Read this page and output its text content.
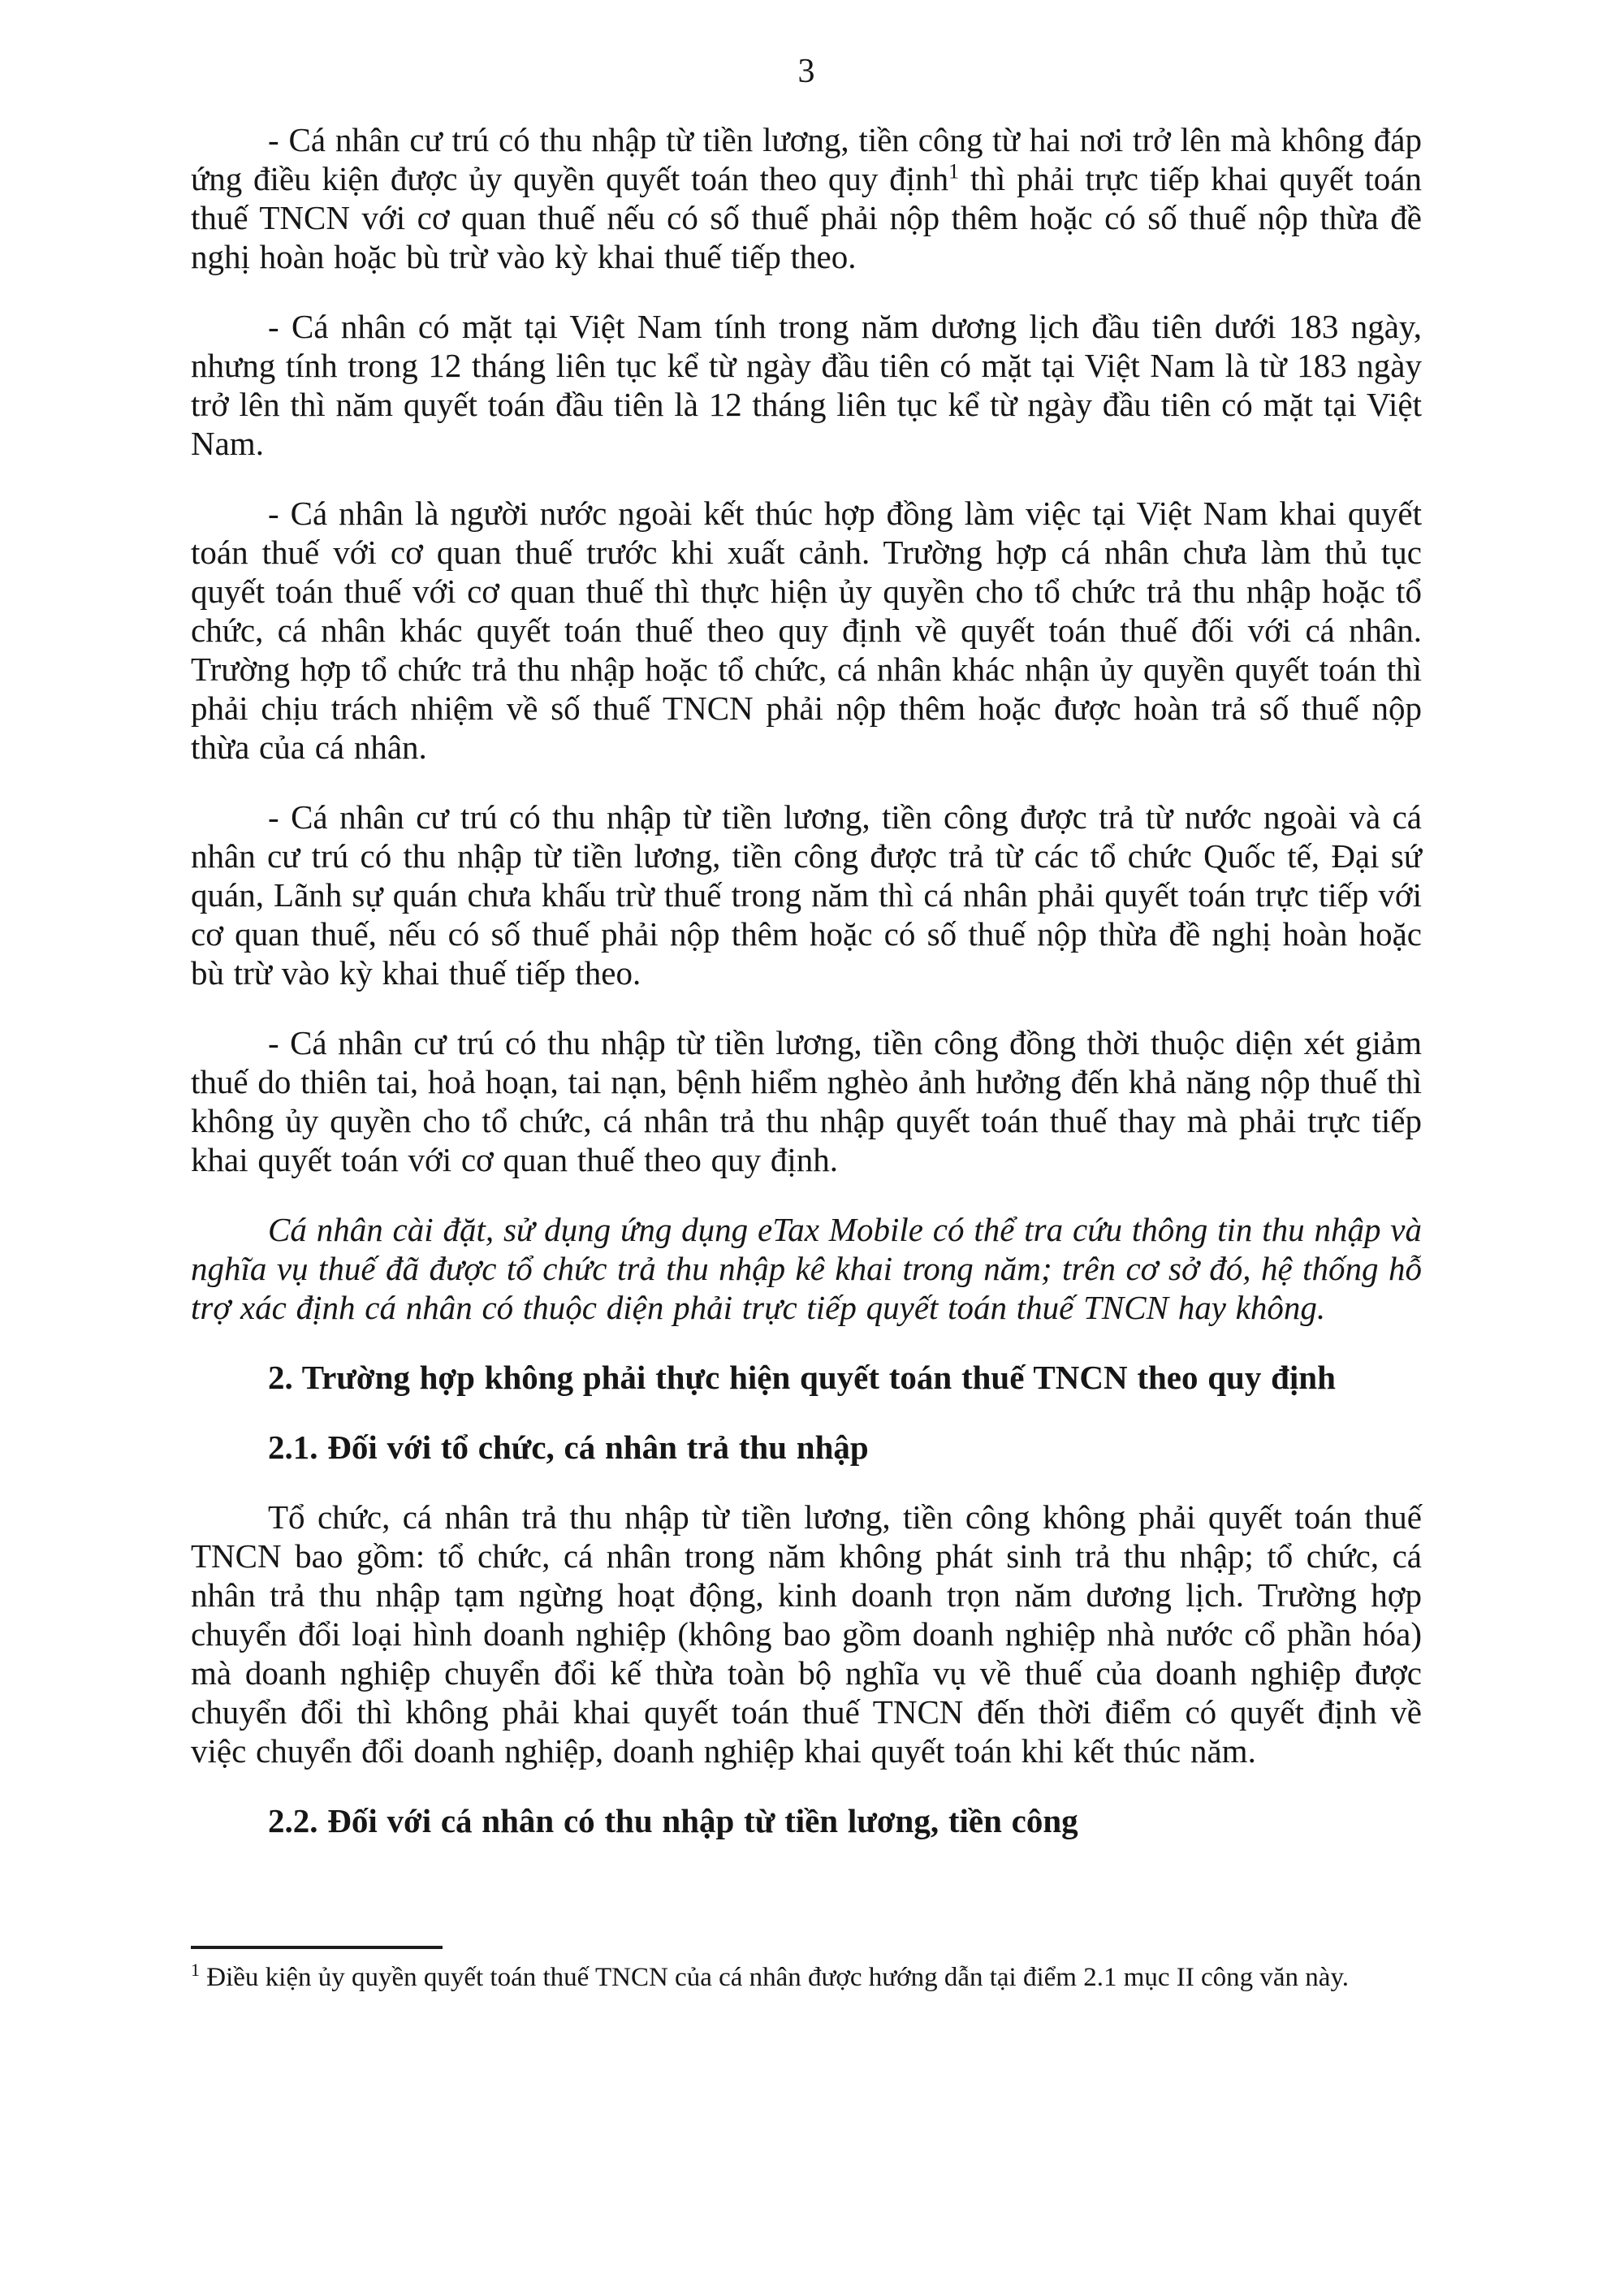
3

- Cá nhân cư trú có thu nhập từ tiền lương, tiền công từ hai nơi trở lên mà không đáp ứng điều kiện được ủy quyền quyết toán theo quy định$^1$ thì phải trực tiếp khai quyết toán thuế TNCN với cơ quan thuế nếu có số thuế phải nộp thêm hoặc có số thuế nộp thừa đề nghị hoàn hoặc bù trừ vào kỳ khai thuế tiếp theo.

- Cá nhân có mặt tại Việt Nam tính trong năm dương lịch đầu tiên dưới 183 ngày, nhưng tính trong 12 tháng liên tục kể từ ngày đầu tiên có mặt tại Việt Nam là từ 183 ngày trở lên thì năm quyết toán đầu tiên là 12 tháng liên tục kể từ ngày đầu tiên có mặt tại Việt Nam.

- Cá nhân là người nước ngoài kết thúc hợp đồng làm việc tại Việt Nam khai quyết toán thuế với cơ quan thuế trước khi xuất cảnh. Trường hợp cá nhân chưa làm thủ tục quyết toán thuế với cơ quan thuế thì thực hiện ủy quyền cho tổ chức trả thu nhập hoặc tổ chức, cá nhân khác quyết toán thuế theo quy định về quyết toán thuế đối với cá nhân. Trường hợp tổ chức trả thu nhập hoặc tổ chức, cá nhân khác nhận ủy quyền quyết toán thì phải chịu trách nhiệm về số thuế TNCN phải nộp thêm hoặc được hoàn trả số thuế nộp thừa của cá nhân.

- Cá nhân cư trú có thu nhập từ tiền lương, tiền công được trả từ nước ngoài và cá nhân cư trú có thu nhập từ tiền lương, tiền công được trả từ các tổ chức Quốc tế, Đại sứ quán, Lãnh sự quán chưa khấu trừ thuế trong năm thì cá nhân phải quyết toán trực tiếp với cơ quan thuế, nếu có số thuế phải nộp thêm hoặc có số thuế nộp thừa đề nghị hoàn hoặc bù trừ vào kỳ khai thuế tiếp theo.

- Cá nhân cư trú có thu nhập từ tiền lương, tiền công đồng thời thuộc diện xét giảm thuế do thiên tai, hoả hoạn, tai nạn, bệnh hiểm nghèo ảnh hưởng đến khả năng nộp thuế thì không ủy quyền cho tổ chức, cá nhân trả thu nhập quyết toán thuế thay mà phải trực tiếp khai quyết toán với cơ quan thuế theo quy định.

Cá nhân cài đặt, sử dụng ứng dụng eTax Mobile có thể tra cứu thông tin thu nhập và nghĩa vụ thuế đã được tổ chức trả thu nhập kê khai trong năm; trên cơ sở đó, hệ thống hỗ trợ xác định cá nhân có thuộc diện phải trực tiếp quyết toán thuế TNCN hay không.

2. Trường hợp không phải thực hiện quyết toán thuế TNCN theo quy định

2.1. Đối với tổ chức, cá nhân trả thu nhập

Tổ chức, cá nhân trả thu nhập từ tiền lương, tiền công không phải quyết toán thuế TNCN bao gồm: tổ chức, cá nhân trong năm không phát sinh trả thu nhập; tổ chức, cá nhân trả thu nhập tạm ngừng hoạt động, kinh doanh trọn năm dương lịch. Trường hợp chuyển đổi loại hình doanh nghiệp (không bao gồm doanh nghiệp nhà nước cổ phần hóa) mà doanh nghiệp chuyển đổi kế thừa toàn bộ nghĩa vụ về thuế của doanh nghiệp được chuyển đổi thì không phải khai quyết toán thuế TNCN đến thời điểm có quyết định về việc chuyển đổi doanh nghiệp, doanh nghiệp khai quyết toán khi kết thúc năm.

2.2. Đối với cá nhân có thu nhập từ tiền lương, tiền công

$^1$ Điều kiện ủy quyền quyết toán thuế TNCN của cá nhân được hướng dẫn tại điểm 2.1 mục II công văn này.
